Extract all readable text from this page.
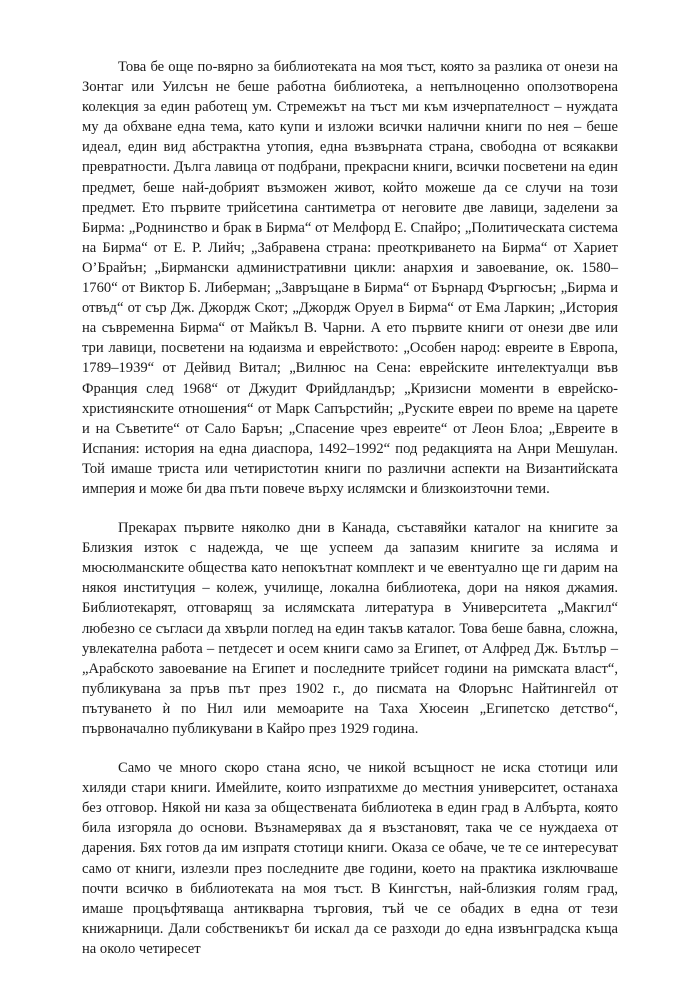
Това бе още по-вярно за библиотеката на моя тъст, която за разлика от онези на Зонтаг или Уилсън не беше работна библиотека, а непълноценно оползотворена колекция за един работещ ум. Стремежът на тъст ми към изчерпателност – нуждата му да обхване една тема, като купи и изложи всички налични книги по нея – беше идеал, един вид абстрактна утопия, една възвърната страна, свободна от всякакви превратности. Дълга лавица от подбрани, прекрасни книги, всички посветени на един предмет, беше най-добрият възможен живот, който можеше да се случи на този предмет. Ето първите трийсетина сантиметра от неговите две лавици, заделени за Бирма: „Роднинство и брак в Бирма“ от Мелфорд Е. Спайро; „Политическата система на Бирма“ от Е. Р. Лийч; „Забравена страна: преоткриването на Бирма“ от Хариет О’Брайън; „Бирмански административни цикли: анархия и завоевание, ок. 1580–1760“ от Виктор Б. Либерман; „Завръщане в Бирма“ от Бърнард Фъргюсън; „Бирма и отвъд“ от сър Дж. Джордж Скот; „Джордж Оруел в Бирма“ от Ема Ларкин; „История на съвременна Бирма“ от Майкъл В. Чарни. А ето първите книги от онези две или три лавици, посветени на юдаизма и еврейството: „Особен народ: евреите в Европа, 1789–1939“ от Дейвид Витал; „Вилнюс на Сена: еврейските интелектуалци във Франция след 1968“ от Джудит Фрийдландър; „Кризисни моменти в еврейско-християнските отношения“ от Марк Сапърстийн; „Руските евреи по време на царете и на Съветите“ от Сало Барън; „Спасение чрез евреите“ от Леон Блоа; „Евреите в Испания: история на една диаспора, 1492–1992“ под редакцията на Анри Мешулан. Той имаше триста или четиристотин книги по различни аспекти на Византийската империя и може би два пъти повече върху ислямски и близкоизточни теми.

Прекарах първите няколко дни в Канада, съставяйки каталог на книгите за Близкия изток с надежда, че ще успеем да запазим книгите за исляма и мюсюлманските общества като непокътнат комплект и че евентуално ще ги дарим на някоя институция – колеж, училище, локална библиотека, дори на някоя джамия. Библиотекарят, отговарящ за ислямската литература в Университета „Макгил“ любезно се съгласи да хвърли поглед на един такъв каталог. Това беше бавна, сложна, увлекателна работа – петдесет и осем книги само за Египет, от Алфред Дж. Бътлър – „Арабското завоевание на Египет и последните трийсет години на римската власт“, публикувана за пръв път през 1902 г., до писмата на Флорънс Найтингейл от пътуването ѝ по Нил или мемоарите на Таха Хюсеин „Египетско детство“, първоначално публикувани в Кайро през 1929 година.

Само че много скоро стана ясно, че никой всъщност не иска стотици или хиляди стари книги. Имейлите, които изпратихме до местния университет, останаха без отговор. Някой ни каза за обществената библиотека в един град в Албърта, която била изгоряла до основи. Възнамерявах да я възстановят, така че се нуждаеха от дарения. Бях готов да им изпратя стотици книги. Оказа се обаче, че те се интересуват само от книги, излезли през последните две години, което на практика изключваше почти всичко в библиотеката на моя тъст. В Кингстън, най-близкия голям град, имаше процъфтяваща антикварна търговия, тъй че се обадих в една от тези книжарници. Дали собственикът би искал да се разходи до една извънградска къща на около четиресет
